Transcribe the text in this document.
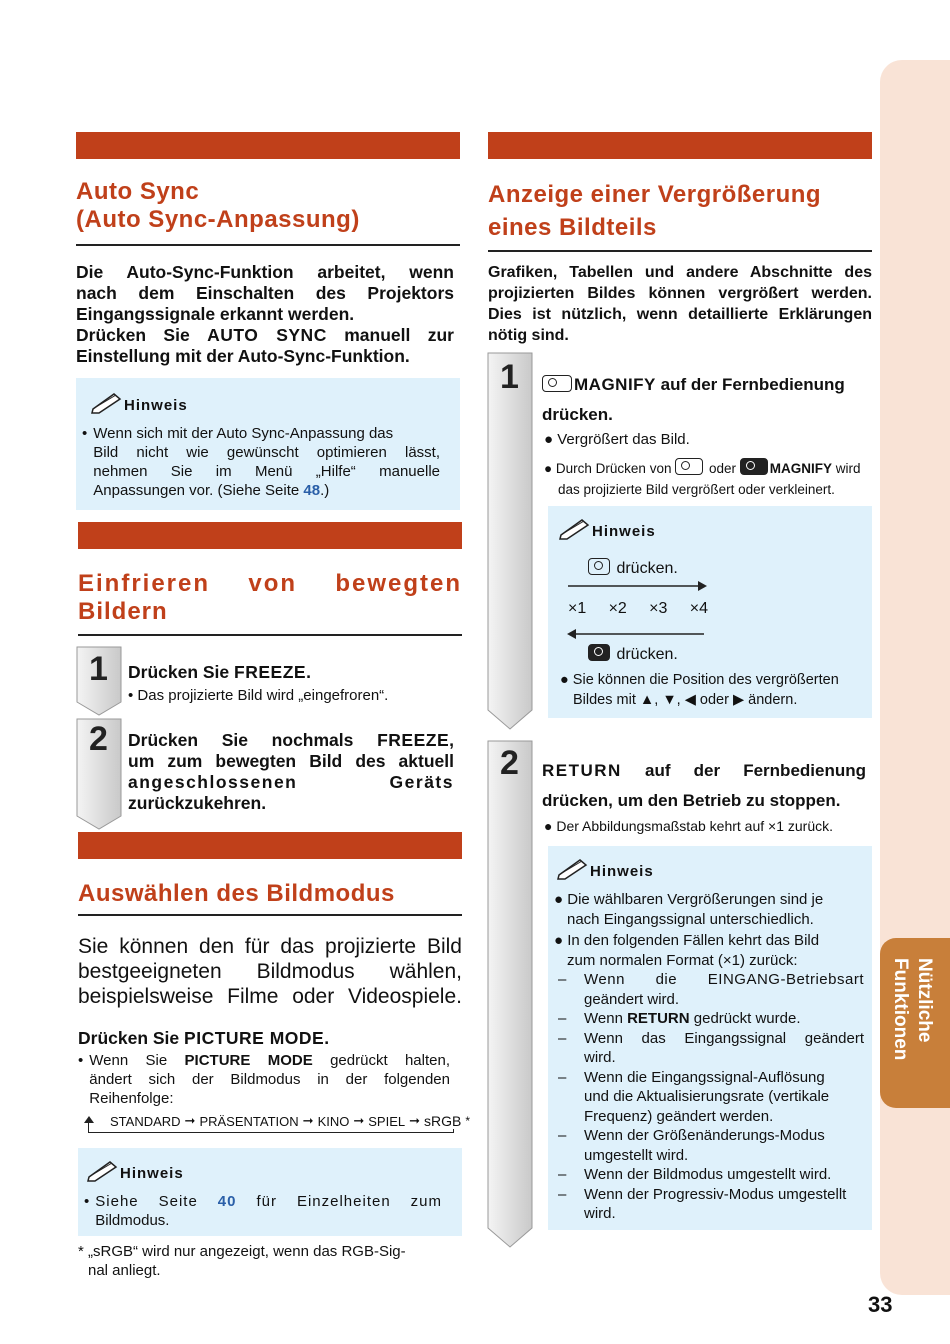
Nützliche
Funktionen
33
Auto Sync
(Auto Sync-Anpassung)
Die Auto-Sync-Funktion arbeitet, wenn
nach dem Einschalten des Projektors
Eingangssignale erkannt werden.
Drücken Sie AUTO SYNC manuell zur
Einstellung mit der Auto-Sync-Funktion.
Hinweis
• Wenn sich mit der Auto Sync-Anpassung das
Bild nicht wie gewünscht optimieren lässt,
nehmen Sie im Menü „Hilfe“ manuelle
Anpassungen vor. (Siehe Seite 48.)
Einfrieren von bewegten
Bildern
1 Drücken Sie FREEZE.
• Das projizierte Bild wird „eingefroren“.
2 Drücken Sie nochmals FREEZE,
um zum bewegten Bild des aktuell
angeschlossenen	Geräts
zurückzukehren.
Auswählen des Bildmodus
Sie können den für das projizierte Bild
bestgeeigneten Bildmodus wählen,
beispielsweise Filme oder Videospiele.
Drücken Sie PICTURE MODE.
• Wenn Sie PICTURE MODE gedrückt halten,
ändert sich der Bildmodus in der folgenden
Reihenfolge:
STANDARD ➞ PRÄSENTATION ➞ KINO ➞ SPIEL ➞ sRGB *
Hinweis
• Siehe Seite 40 für Einzelheiten zum
Bildmodus.
* „sRGB“ wird nur angezeigt, wenn das RGB-Sig-
nal anliegt.
Anzeige einer Vergrößerung
eines Bildteils
Grafiken, Tabellen und andere Abschnitte des
projizierten Bildes können vergrößert werden.
Dies ist nützlich, wenn detaillierte Erklärungen
nötig sind.
1	MAGNIFY auf der Fernbedienung
drücken.
● Vergrößert das Bild.
● Durch Drücken von  oder MAGNIFY wird
das projizierte Bild vergrößert oder verkleinert.
Hinweis
drücken.
×1 ×2 ×3 ×4
drücken.
● Sie können die Position des vergrößerten
Bildes mit ▲, ▼, ◀ oder ▶ ändern.
2 RETURN auf der Fernbedienung
drücken, um den Betrieb zu stoppen.
● Der Abbildungsmaßstab kehrt auf ×1 zurück.
Hinweis
● Die wählbaren Vergrößerungen sind je
nach Eingangssignal unterschiedlich.
● In den folgenden Fällen kehrt das Bild
zum normalen Format (×1) zurück:
–	Wenn die EINGANG-Betriebsart
geändert wird.
–	Wenn RETURN gedrückt wurde.
–	Wenn das Eingangssignal geändert
wird.
–	Wenn die Eingangssignal-Auflösung
und die Aktualisierungsrate (vertikale
Frequenz) geändert werden.
–	Wenn der Größenänderungs-Modus
umgestellt wird.
–	Wenn der Bildmodus umgestellt wird.
–	Wenn der Progressiv-Modus umgestellt
wird.
